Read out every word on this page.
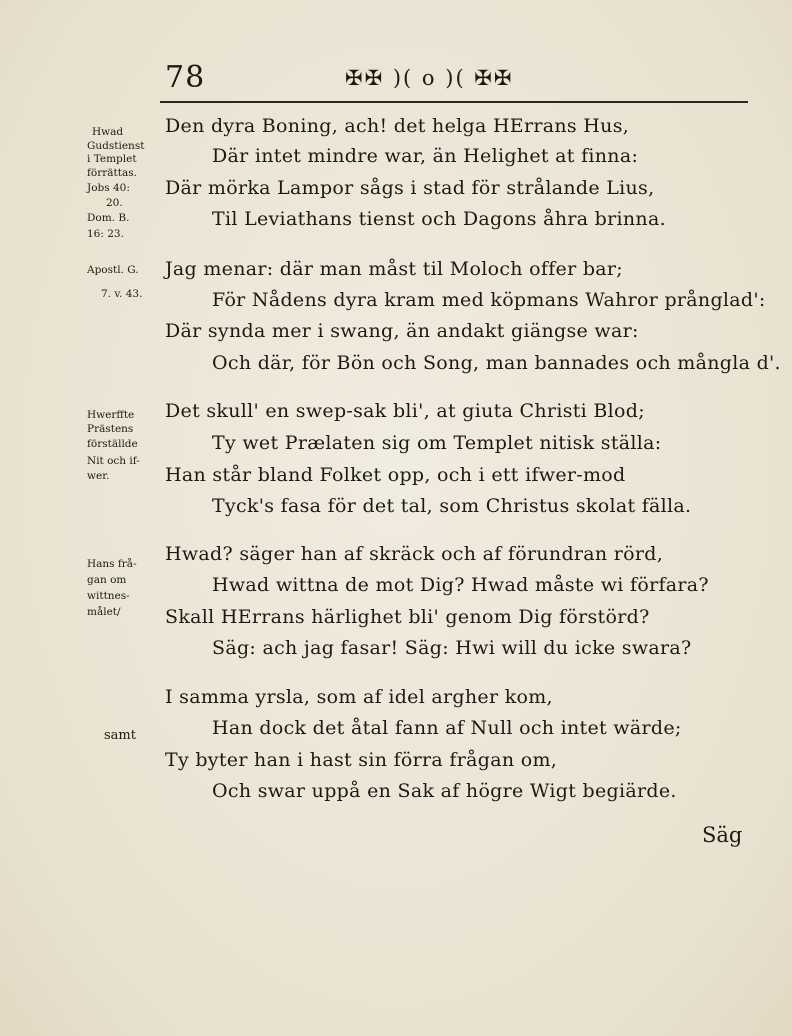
78	✠✠ )( o )( ✠✠
Hwad
Gudstienst
i Templet
förrättas.
Jobs 40:
20.
Dom. B.
16: 23.
Apostl. G.
7. v. 43.
Hwerffte
Prästens
förställde
Nit och if-
wer.
Hans frå-
gan om
wittnes-
målet/
samt
Den dyra Boning, ach! det helga HErrans Hus,
Där intet mindre war, än Helighet at finna:
Där mörka Lampor sågs i stad för strålande Lius,
Til Leviathans tienst och Dagons åhra brinna.
Jag menar: där man måst til Moloch offer bar;
För Nådens dyra kram med köpmans Wahror prånglad':
Där synda mer i swang, än andakt giängse war:
Och där, för Bön och Song, man bannades och mångla d'.
Det skull' en swep-sak bli', at giuta Christi Blod;
Ty wet Prælaten sig om Templet nitisk ställa:
Han står bland Folket opp, och i ett ifwer-mod
Tyck's fasa för det tal, som Christus skolat fälla.
Hwad? säger han af skräck och af förundran rörd,
Hwad wittna de mot Dig? Hwad måste wi förfara?
Skall HErrans härlighet bli' genom Dig förstörd?
Säg: ach jag fasar! Säg: Hwi will du icke swara?
I samma yrsla, som af idel argher kom,
Han dock det åtal fann af Null och intet wärde;
Ty byter han i hast sin förra frågan om,
Och swar uppå en Sak af högre Wigt begiärde.
Säg
